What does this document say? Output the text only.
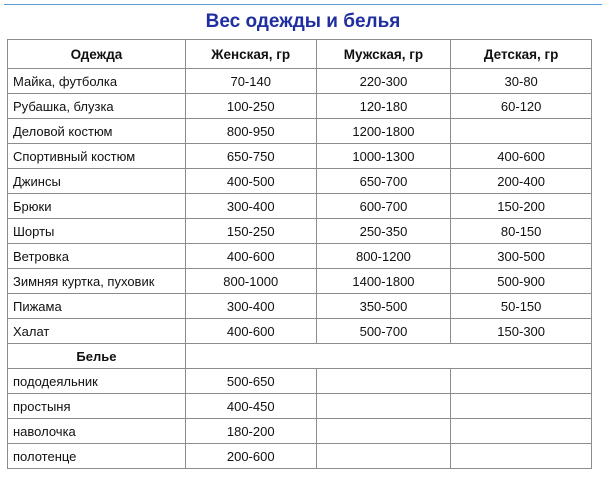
Вес одежды и белья
Одежда	Женская, гр	Мужская, гр	Детская, гр
Майка, футболка	70-140	220-300	30-80
Рубашка, блузка	100-250	120-180	60-120
Деловой костюм	800-950	1200-1800	
Спортивный костюм	650-750	1000-1300	400-600
Джинсы	400-500	650-700	200-400
Брюки	300-400	600-700	150-200
Шорты	150-250	250-350	80-150
Ветровка	400-600	800-1200	300-500
Зимняя куртка, пуховик	800-1000	1400-1800	500-900
Пижама	300-400	350-500	50-150
Халат	400-600	500-700	150-300
Белье			
пододеяльник	500-650		
простыня	400-450		
наволочка	180-200		
полотенце	200-600		
